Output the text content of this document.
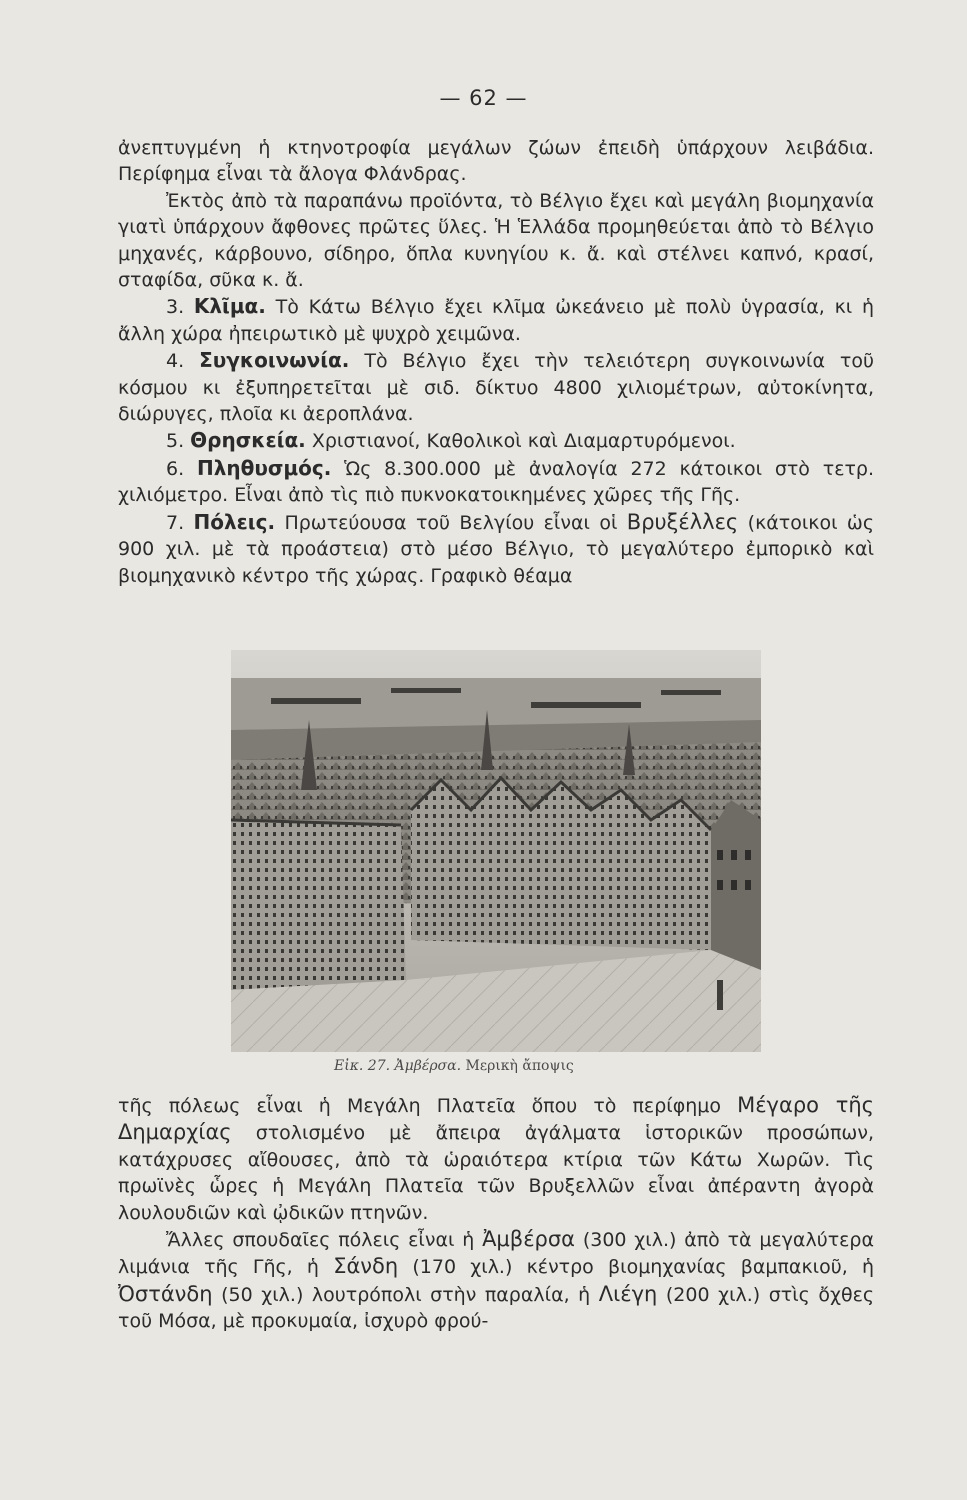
— 62 —

ἀνεπτυγμένη ἡ κτηνοτροφία μεγάλων ζώων ἐπειδὴ ὑπάρχουν λειβάδια. Περίφημα εἶναι τὰ ἄλογα Φλάνδρας.

Ἐκτὸς ἀπὸ τὰ παραπάνω προϊόντα, τὸ Βέλγιο ἔχει καὶ μεγάλη βιομηχανία γιατὶ ὑπάρχουν ἄφθονες πρῶτες ὕλες. Ἡ Ἑλλάδα προμηθεύεται ἀπὸ τὸ Βέλγιο μηχανές, κάρβουνο, σίδηρο, ὅπλα κυνηγίου κ. ἄ. καὶ στέλνει καπνό, κρασί, σταφίδα, σῦκα κ. ἄ.

3. Κλῖμα. Τὸ Κάτω Βέλγιο ἔχει κλῖμα ὠκεάνειο μὲ πολὺ ὑγρασία, κι ἡ ἄλλη χώρα ἠπειρωτικὸ μὲ ψυχρὸ χειμῶνα.

4. Συγκοινωνία. Τὸ Βέλγιο ἔχει τὴν τελειότερη συγκοινωνία τοῦ κόσμου κι ἐξυπηρετεῖται μὲ σιδ. δίκτυο 4800 χιλιομέτρων, αὐτοκίνητα, διώρυγες, πλοῖα κι ἀεροπλάνα.

5. Θρησκεία. Χριστιανοί, Καθολικοὶ καὶ Διαμαρτυρόμενοι.

6. Πληθυσμός. Ὡς 8.300.000 μὲ ἀναλογία 272 κάτοικοι στὸ τετρ. χιλιόμετρο. Εἶναι ἀπὸ τὶς πιὸ πυκνοκατοικημένες χῶρες τῆς Γῆς.

7. Πόλεις. Πρωτεύουσα τοῦ Βελγίου εἶναι οἱ Βρυξέλλες (κάτοικοι ὡς 900 χιλ. μὲ τὰ προάστεια) στὸ μέσο Βέλγιο, τὸ μεγαλύτερο ἐμπορικὸ καὶ βιομηχανικὸ κέντρο τῆς χώρας. Γραφικὸ θέαμα

Εἰκ. 27. Ἀμβέρσα. Μερικὴ ἄποψις

τῆς πόλεως εἶναι ἡ Μεγάλη Πλατεῖα ὅπου τὸ περίφημο Μέγαρο τῆς Δημαρχίας στολισμένο μὲ ἄπειρα ἀγάλματα ἱστορικῶν προσώπων, κατάχρυσες αἴθουσες, ἀπὸ τὰ ὡραιότερα κτίρια τῶν Κάτω Χωρῶν. Τὶς πρωϊνὲς ὧρες ἡ Μεγάλη Πλατεῖα τῶν Βρυξελλῶν εἶναι ἀπέραντη ἀγορὰ λουλουδιῶν καὶ ᾠδικῶν πτηνῶν.

Ἄλλες σπουδαῖες πόλεις εἶναι ἡ Ἀμβέρσα (300 χιλ.) ἀπὸ τὰ μεγαλύτερα λιμάνια τῆς Γῆς, ἡ Σάνδη (170 χιλ.) κέντρο βιομηχανίας βαμπακιοῦ, ἡ Ὀστάνδη (50 χιλ.) λουτρόπολι στὴν παραλία, ἡ Λιέγη (200 χιλ.) στὶς ὄχθες τοῦ Μόσα, μὲ προκυμαία, ἰσχυρὸ φρού-
